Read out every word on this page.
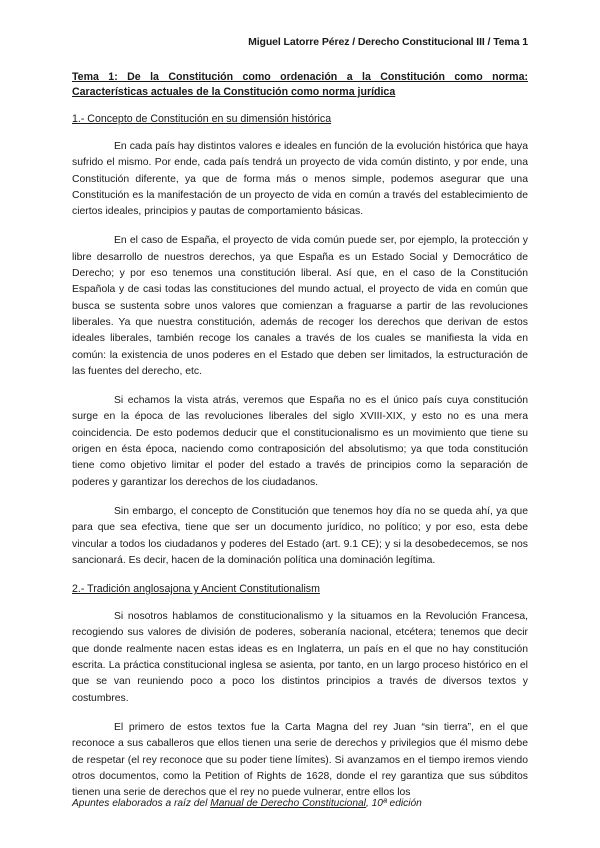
Miguel Latorre Pérez / Derecho Constitucional III / Tema 1
Tema 1: De la Constitución como ordenación a la Constitución como norma: Características actuales de la Constitución como norma jurídica
1.- Concepto de Constitución en su dimensión histórica

En cada país hay distintos valores e ideales en función de la evolución histórica que haya sufrido el mismo. Por ende, cada país tendrá un proyecto de vida común distinto, y por ende, una Constitución diferente, ya que de forma más o menos simple, podemos asegurar que una Constitución es la manifestación de un proyecto de vida en común a través del establecimiento de ciertos ideales, principios y pautas de comportamiento básicas.

En el caso de España, el proyecto de vida común puede ser, por ejemplo, la protección y libre desarrollo de nuestros derechos, ya que España es un Estado Social y Democrático de Derecho; y por eso tenemos una constitución liberal. Así que, en el caso de la Constitución Española y de casi todas las constituciones del mundo actual, el proyecto de vida en común que busca se sustenta sobre unos valores que comienzan a fraguarse a partir de las revoluciones liberales. Ya que nuestra constitución, además de recoger los derechos que derivan de estos ideales liberales, también recoge los canales a través de los cuales se manifiesta la vida en común: la existencia de unos poderes en el Estado que deben ser limitados, la estructuración de las fuentes del derecho, etc.

Si echamos la vista atrás, veremos que España no es el único país cuya constitución surge en la época de las revoluciones liberales del siglo XVIII-XIX, y esto no es una mera coincidencia. De esto podemos deducir que el constitucionalismo es un movimiento que tiene su origen en ésta época, naciendo como contraposición del absolutismo; ya que toda constitución tiene como objetivo limitar el poder del estado a través de principios como la separación de poderes y garantizar los derechos de los ciudadanos.

Sin embargo, el concepto de Constitución que tenemos hoy día no se queda ahí, ya que para que sea efectiva, tiene que ser un documento jurídico, no político; y por eso, esta debe vincular a todos los ciudadanos y poderes del Estado (art. 9.1 CE); y si la desobedecemos, se nos sancionará. Es decir, hacen de la dominación política una dominación legítima.

2.- Tradición anglosajona y Ancient Constitutionalism

Si nosotros hablamos de constitucionalismo y la situamos en la Revolución Francesa, recogiendo sus valores de división de poderes, soberanía nacional, etcétera; tenemos que decir que donde realmente nacen estas ideas es en Inglaterra, un país en el que no hay constitución escrita. La práctica constitucional inglesa se asienta, por tanto, en un largo proceso histórico en el que se van reuniendo poco a poco los distintos principios a través de diversos textos y costumbres.

El primero de estos textos fue la Carta Magna del rey Juan “sin tierra”, en el que reconoce a sus caballeros que ellos tienen una serie de derechos y privilegios que él mismo debe de respetar (el rey reconoce que su poder tiene límites). Si avanzamos en el tiempo iremos viendo otros documentos, como la Petition of Rights de 1628, donde el rey garantiza que sus súbditos tienen una serie de derechos que el rey no puede vulnerar, entre ellos los

Apuntes elaborados a raíz del Manual de Derecho Constitucional, 10ª edición
